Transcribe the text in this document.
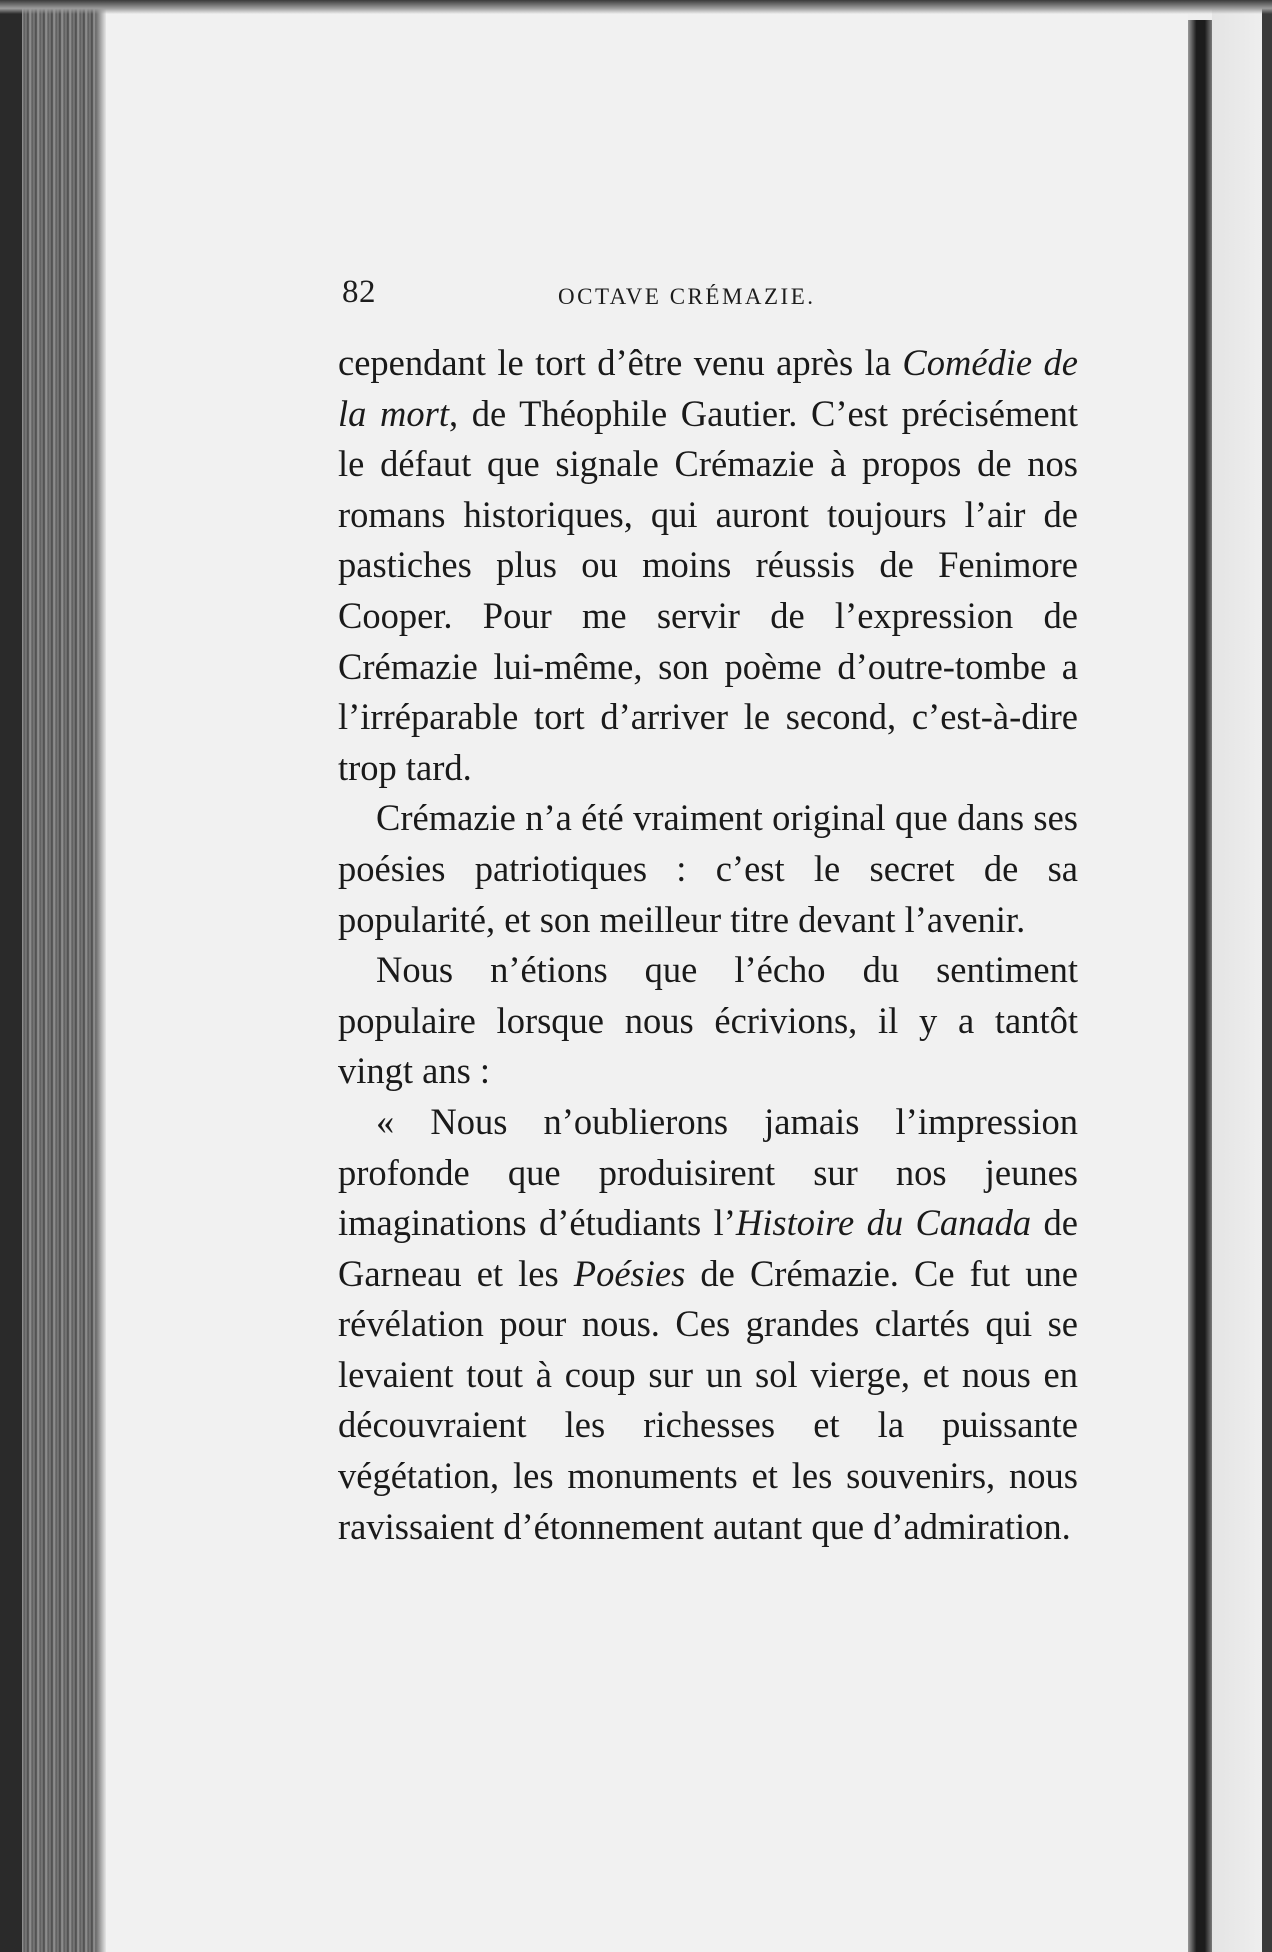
82	OCTAVE CRÉMAZIE.

cependant le tort d’être venu après la Comédie de la mort, de Théophile Gautier. C’est précisément le défaut que signale Crémazie à propos de nos romans historiques, qui auront toujours l’air de pastiches plus ou moins réussis de Fenimore Cooper. Pour me servir de l’expression de Crémazie lui-même, son poème d’outre-tombe a l’irréparable tort d’arriver le second, c’est-à-dire trop tard.

Crémazie n’a été vraiment original que dans ses poésies patriotiques : c’est le secret de sa popularité, et son meilleur titre devant l’avenir.

Nous n’étions que l’écho du sentiment populaire lorsque nous écrivions, il y a tantôt vingt ans :

« Nous n’oublierons jamais l’impression profonde que produisirent sur nos jeunes imaginations d’étudiants l’Histoire du Canada de Garneau et les Poésies de Crémazie. Ce fut une révélation pour nous. Ces grandes clartés qui se levaient tout à coup sur un sol vierge, et nous en découvraient les richesses et la puissante végétation, les monuments et les souvenirs, nous ravissaient d’étonnement autant que d’admiration.
